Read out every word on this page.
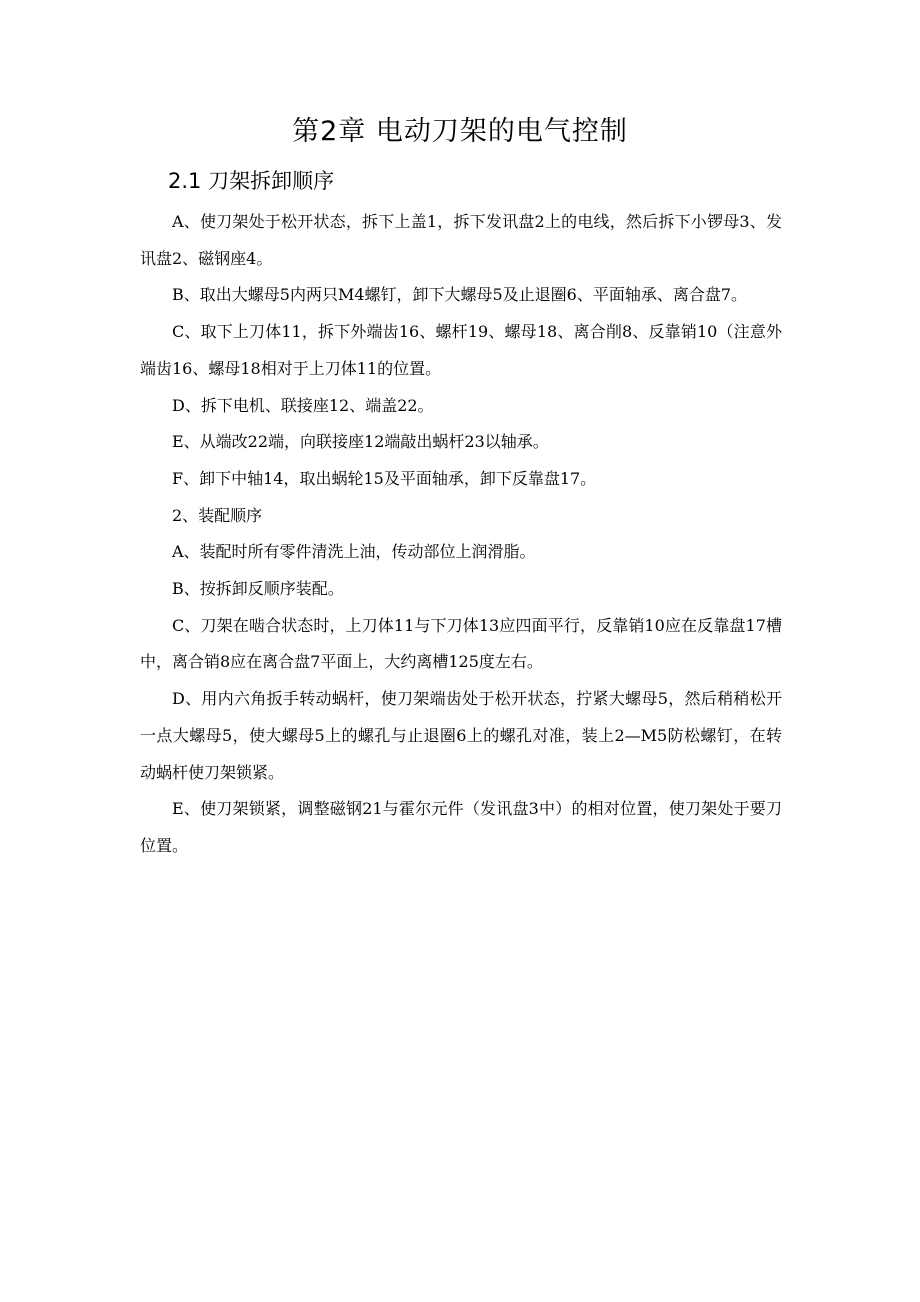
第2章 电动刀架的电气控制
2.1 刀架拆卸顺序

A、使刀架处于松开状态，拆下上盖1，拆下发讯盘2上的电线，然后拆下小锣母3、发讯盘2、磁钢座4。

B、取出大螺母5内两只M4螺钉，卸下大螺母5及止退圈6、平面轴承、离合盘7。

C、取下上刀体11，拆下外端齿16、螺杆19、螺母18、离合削8、反靠销10（注意外端齿16、螺母18相对于上刀体11的位置。

D、拆下电机、联接座12、端盖22。

E、从端改22端，向联接座12端敲出蜗杆23以轴承。

F、卸下中轴14，取出蜗轮15及平面轴承，卸下反靠盘17。

2、装配顺序

A、装配时所有零件清洗上油，传动部位上润滑脂。

B、按拆卸反顺序装配。

C、刀架在啮合状态时，上刀体11与下刀体13应四面平行，反靠销10应在反靠盘17槽中，离合销8应在离合盘7平面上，大约离槽125度左右。

D、用内六角扳手转动蜗杆，使刀架端齿处于松开状态，拧紧大螺母5，然后稍稍松开一点大螺母5，使大螺母5上的螺孔与止退圈6上的螺孔对准，装上2—M5防松螺钉，在转动蜗杆使刀架锁紧。

E、使刀架锁紧，调整磁钢21与霍尔元件（发讯盘3中）的相对位置，使刀架处于要刀位置。
